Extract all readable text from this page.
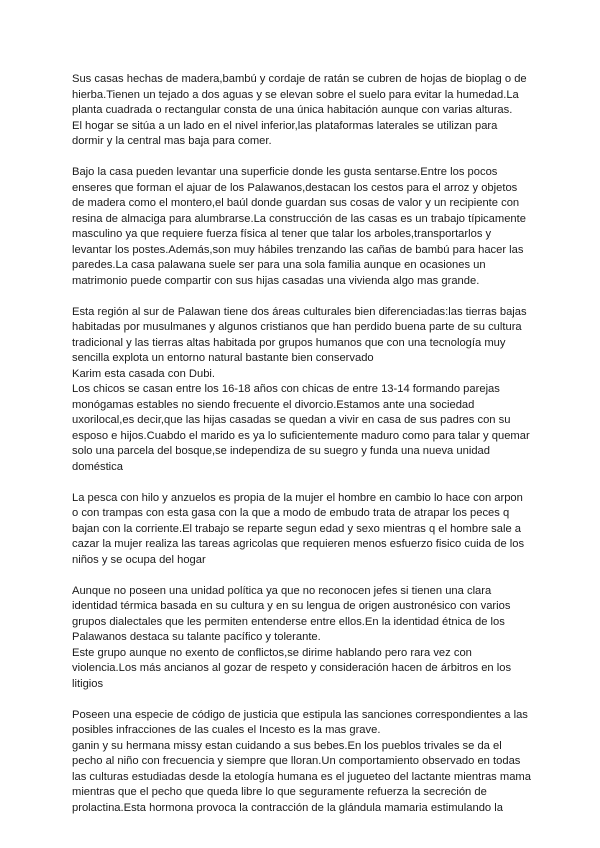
Sus casas hechas de madera,bambú y cordaje de ratán se cubren de hojas de bioplag o de
hierba.Tienen un tejado a dos aguas y se elevan sobre el suelo para evitar la humedad.La
planta cuadrada o rectangular consta de una única habitación aunque con varias alturas.
El hogar se sitúa a un lado en el nivel inferior,las plataformas laterales se utilizan para
dormir y la central mas baja para comer.

Bajo la casa pueden levantar una superficie donde les gusta sentarse.Entre los pocos
enseres que forman el ajuar de los Palawanos,destacan los cestos para el arroz y objetos
de madera como el montero,el baúl donde guardan sus cosas de valor y un recipiente con
resina de almaciga para alumbrarse.La construcción de las casas es un trabajo típicamente
masculino ya que requiere fuerza física al tener que talar los arboles,transportarlos y
levantar los postes.Además,son muy hábiles trenzando las cañas de bambú para hacer las
paredes.La casa palawana suele ser para una sola familia aunque en ocasiones un
matrimonio puede compartir con sus hijas casadas una vivienda algo mas grande.

Esta región al sur de Palawan tiene dos áreas culturales bien diferenciadas:las tierras bajas
habitadas por musulmanes y algunos cristianos que han perdido buena parte de su cultura
tradicional y las tierras altas habitada por grupos humanos que con una tecnología muy
sencilla explota un entorno natural bastante bien conservado
Karim esta casada con Dubi.
Los chicos se casan entre los 16-18 años con chicas de entre 13-14 formando parejas
monógamas estables no siendo frecuente el divorcio.Estamos ante una sociedad
uxorilocal,es decir,que las hijas casadas se quedan a vivir en casa de sus padres con su
esposo e hijos.Cuabdo el marido es ya lo suficientemente maduro como para talar y quemar
solo una parcela del bosque,se independiza de su suegro y funda una nueva unidad
doméstica

La pesca con hilo y anzuelos es propia de la mujer el hombre en cambio lo hace con arpon
o con trampas con esta gasa con la que a modo de embudo trata de atrapar los peces q
bajan con la corriente.El trabajo se reparte segun edad y sexo mientras q el hombre sale a
cazar la mujer realiza las tareas agricolas que requieren menos esfuerzo fisico cuida de los
niños y se ocupa del hogar

Aunque no poseen una unidad política ya que no reconocen jefes si tienen una clara
identidad térmica basada en su cultura y en su lengua de origen austronésico con varios
grupos dialectales que les permiten entenderse entre ellos.En la identidad étnica de los
Palawanos destaca su talante pacífico y tolerante.
Este grupo aunque no exento de conflictos,se dirime hablando pero rara vez con
violencia.Los más ancianos al gozar de respeto y consideración hacen de árbitros en los
litigios

Poseen una especie de código de justicia que estipula las sanciones correspondientes a las
posibles infracciones de las cuales el Incesto es la mas grave.
ganin y su hermana missy estan cuidando a sus bebes.En los pueblos trivales se da el
pecho al niño con frecuencia y siempre que lloran.Un comportamiento observado en todas
las culturas estudiadas desde la etología humana es el jugueteo del lactante mientras mama
mientras que el pecho que queda libre lo que seguramente refuerza la secreción de
prolactina.Esta hormona provoca la contracción de la glándula mamaria estimulando la
